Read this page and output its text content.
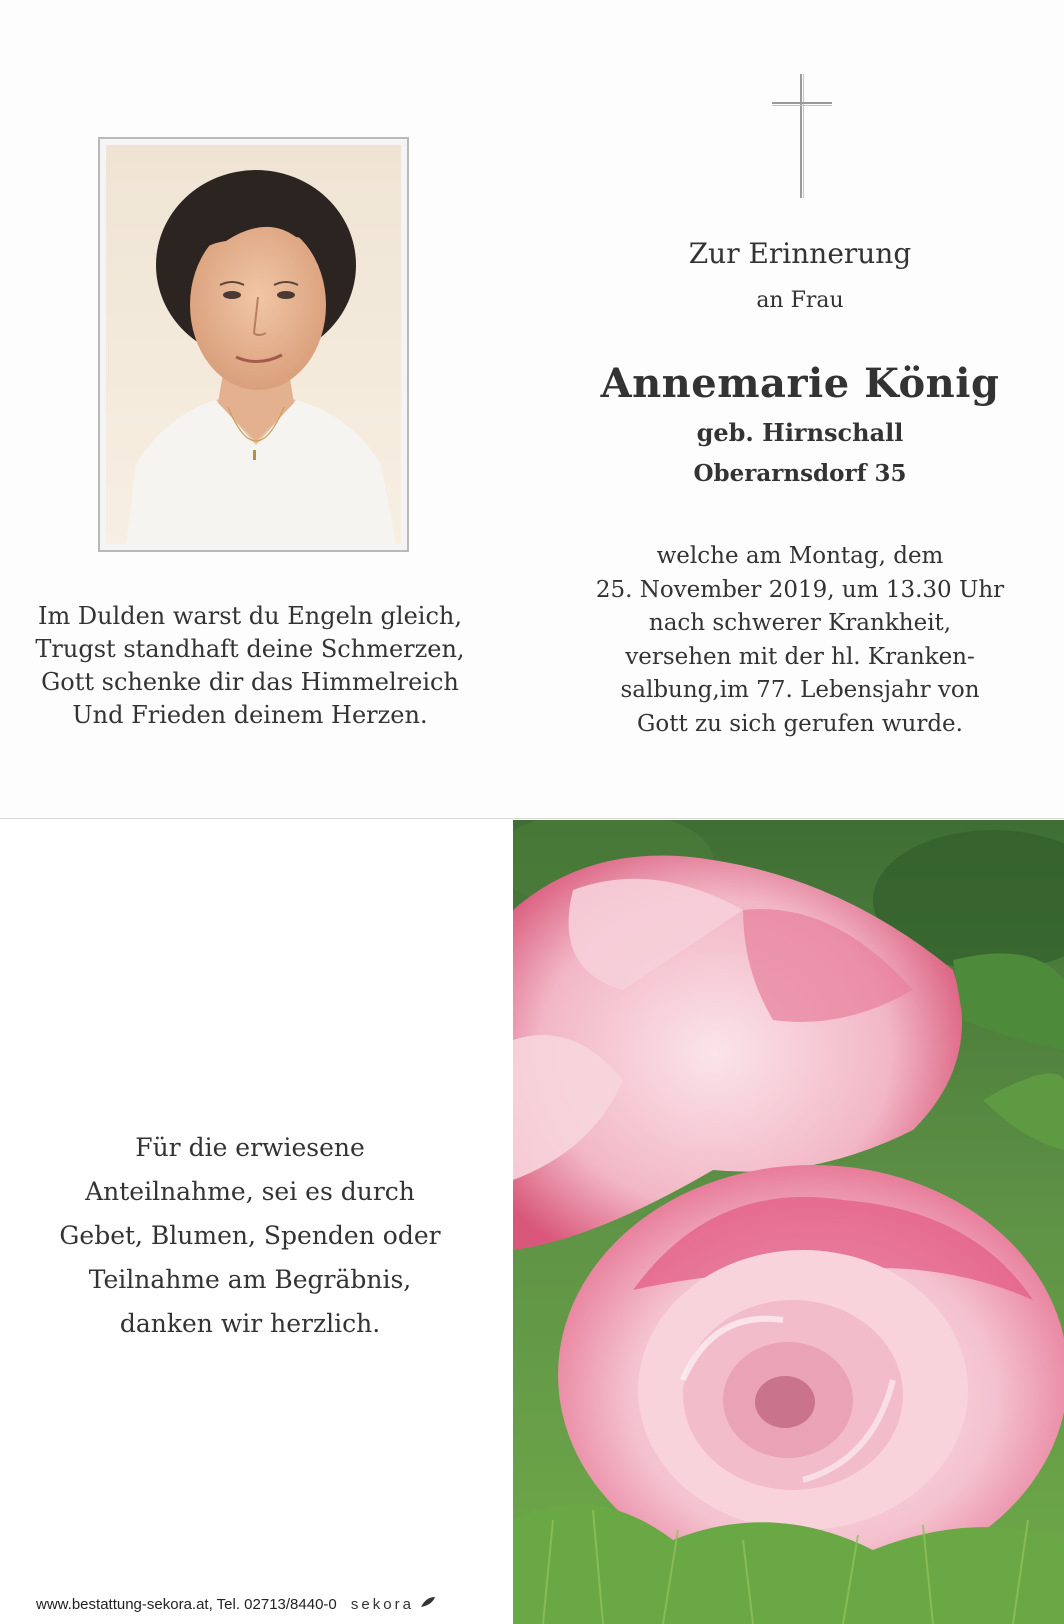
Im Dulden warst du Engeln gleich,
Trugst standhaft deine Schmerzen,
Gott schenke dir das Himmelreich
Und Frieden deinem Herzen.
Zur Erinnerung
an Frau
Annemarie König
geb. Hirnschall
Oberarnsdorf 35
welche am Montag, dem
25. November 2019, um 13.30 Uhr
nach schwerer Krankheit,
versehen mit der hl. Kranken-
salbung,im 77. Lebensjahr von
Gott zu sich gerufen wurde.
Für die erwiesene
Anteilnahme, sei es durch
Gebet, Blumen, Spenden oder
Teilnahme am Begräbnis,
danken wir herzlich.
www.bestattung-sekora.at, Tel. 02713/8440-0 sekora
